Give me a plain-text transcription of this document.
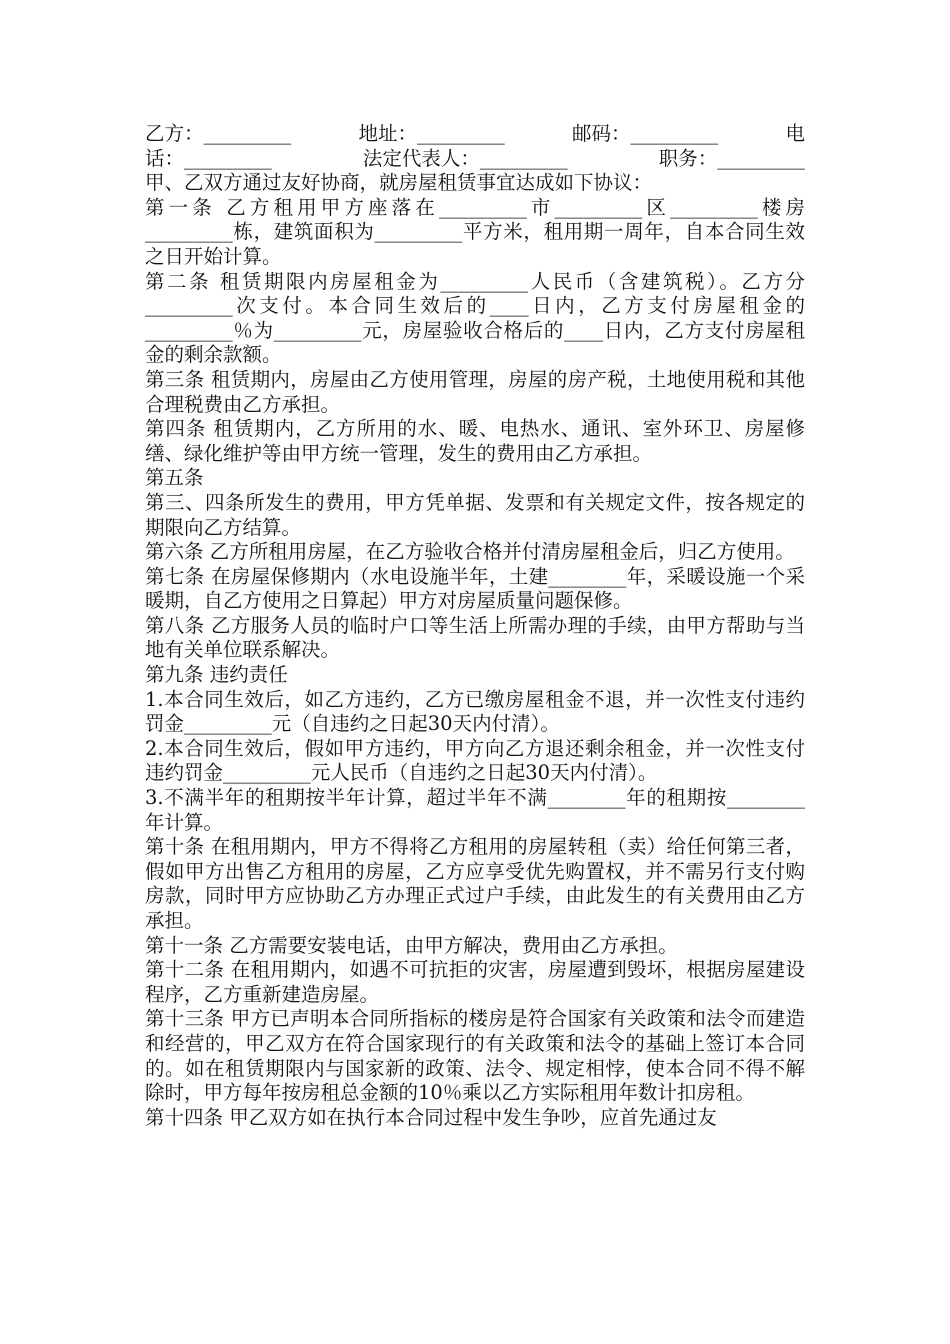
乙方：_________	地址：_________	邮码：_________	电
话：_________	法定代表人：_________	职务：_________

甲、乙双方通过友好协商，就房屋租赁事宜达成如下协议：

第一条 乙方租用甲方座落在_________市_________区_________楼房_________栋，建筑面积为_________平方米，租用期一周年，自本合同生效之日开始计算。

第二条 租赁期限内房屋租金为_________人民币（含建筑税）。乙方分_________次支付。本合同生效后的____日内，乙方支付房屋租金的_________％为_________元，房屋验收合格后的____日内，乙方支付房屋租金的剩余款额。

第三条 租赁期内，房屋由乙方使用管理，房屋的房产税，土地使用税和其他合理税费由乙方承担。

第四条 租赁期内，乙方所用的水、暖、电热水、通讯、室外环卫、房屋修缮、绿化维护等由甲方统一管理，发生的费用由乙方承担。

第五条

第三、四条所发生的费用，甲方凭单据、发票和有关规定文件，按各规定的期限向乙方结算。

第六条 乙方所租用房屋，在乙方验收合格并付清房屋租金后，归乙方使用。

第七条 在房屋保修期内（水电设施半年，土建________年，采暖设施一个采暖期，自乙方使用之日算起）甲方对房屋质量问题保修。

第八条 乙方服务人员的临时户口等生活上所需办理的手续，由甲方帮助与当地有关单位联系解决。

第九条 违约责任

1.本合同生效后，如乙方违约，乙方已缴房屋租金不退，并一次性支付违约罚金_________元（自违约之日起30天内付清）。

2.本合同生效后，假如甲方违约，甲方向乙方退还剩余租金，并一次性支付违约罚金_________元人民币（自违约之日起30天内付清）。

3.不满半年的租期按半年计算，超过半年不满________年的租期按________年计算。

第十条 在租用期内，甲方不得将乙方租用的房屋转租（卖）给任何第三者，假如甲方出售乙方租用的房屋，乙方应享受优先购置权，并不需另行支付购房款，同时甲方应协助乙方办理正式过户手续，由此发生的有关费用由乙方承担。

第十一条 乙方需要安装电话，由甲方解决，费用由乙方承担。

第十二条 在租用期内，如遇不可抗拒的灾害，房屋遭到毁坏，根据房屋建设程序，乙方重新建造房屋。

第十三条 甲方已声明本合同所指标的楼房是符合国家有关政策和法令而建造和经营的，甲乙双方在符合国家现行的有关政策和法令的基础上签订本合同的。如在租赁期限内与国家新的政策、法令、规定相悖，使本合同不得不解除时，甲方每年按房租总金额的10％乘以乙方实际租用年数计扣房租。

第十四条 甲乙双方如在执行本合同过程中发生争吵，应首先通过友
